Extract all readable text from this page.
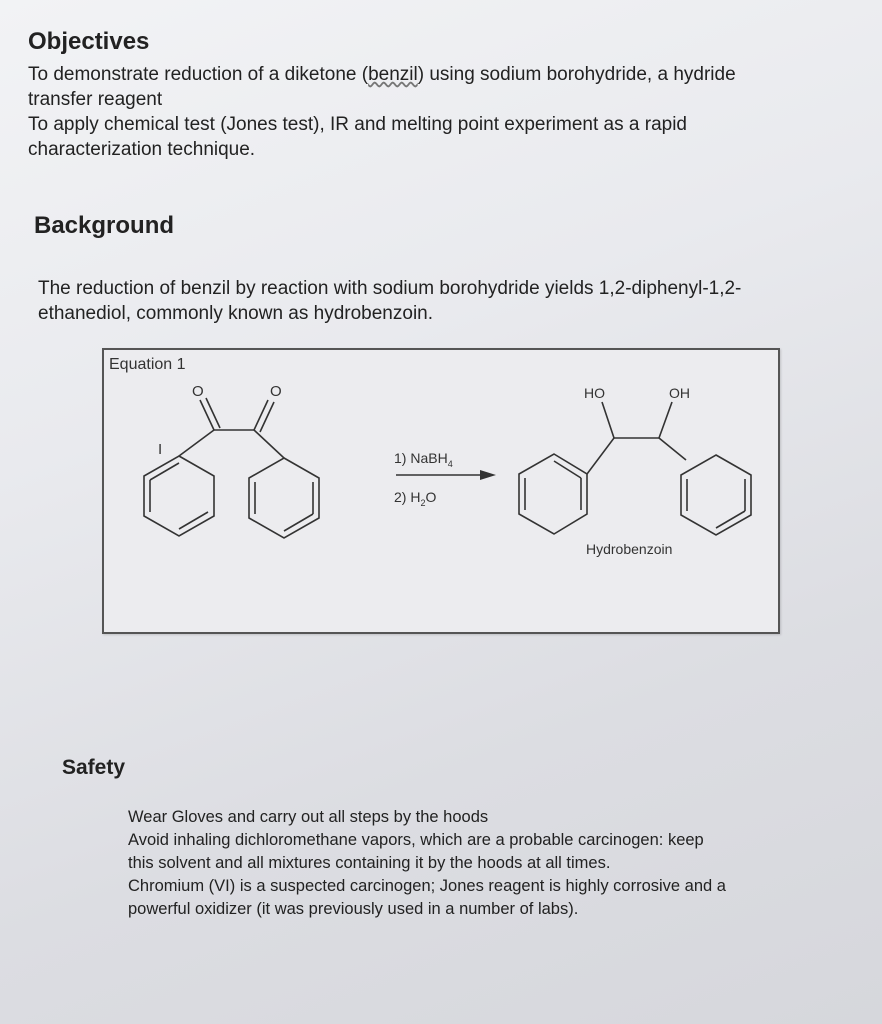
Objectives
To demonstrate reduction of a diketone (benzil) using sodium borohydride, a hydride
transfer reagent
To apply chemical test (Jones test), IR and melting point experiment as a rapid
characterization technique.
Background
The reduction of benzil by reaction with sodium borohydride yields 1,2-diphenyl-1,2-
ethanediol, commonly known as hydrobenzoin.
Equation 1
O	O
I	1) NaBH$_4$
2) $H_2O$
HO	OH
Hydrobenzoin
Safety
Wear Gloves and carry out all steps by the hoods
Avoid inhaling dichloromethane vapors, which are a probable carcinogen: keep
this solvent and all mixtures containing it by the hoods at all times.
Chromium (VI) is a suspected carcinogen; Jones reagent is highly corrosive and a
powerful oxidizer (it was previously used in a number of labs).
